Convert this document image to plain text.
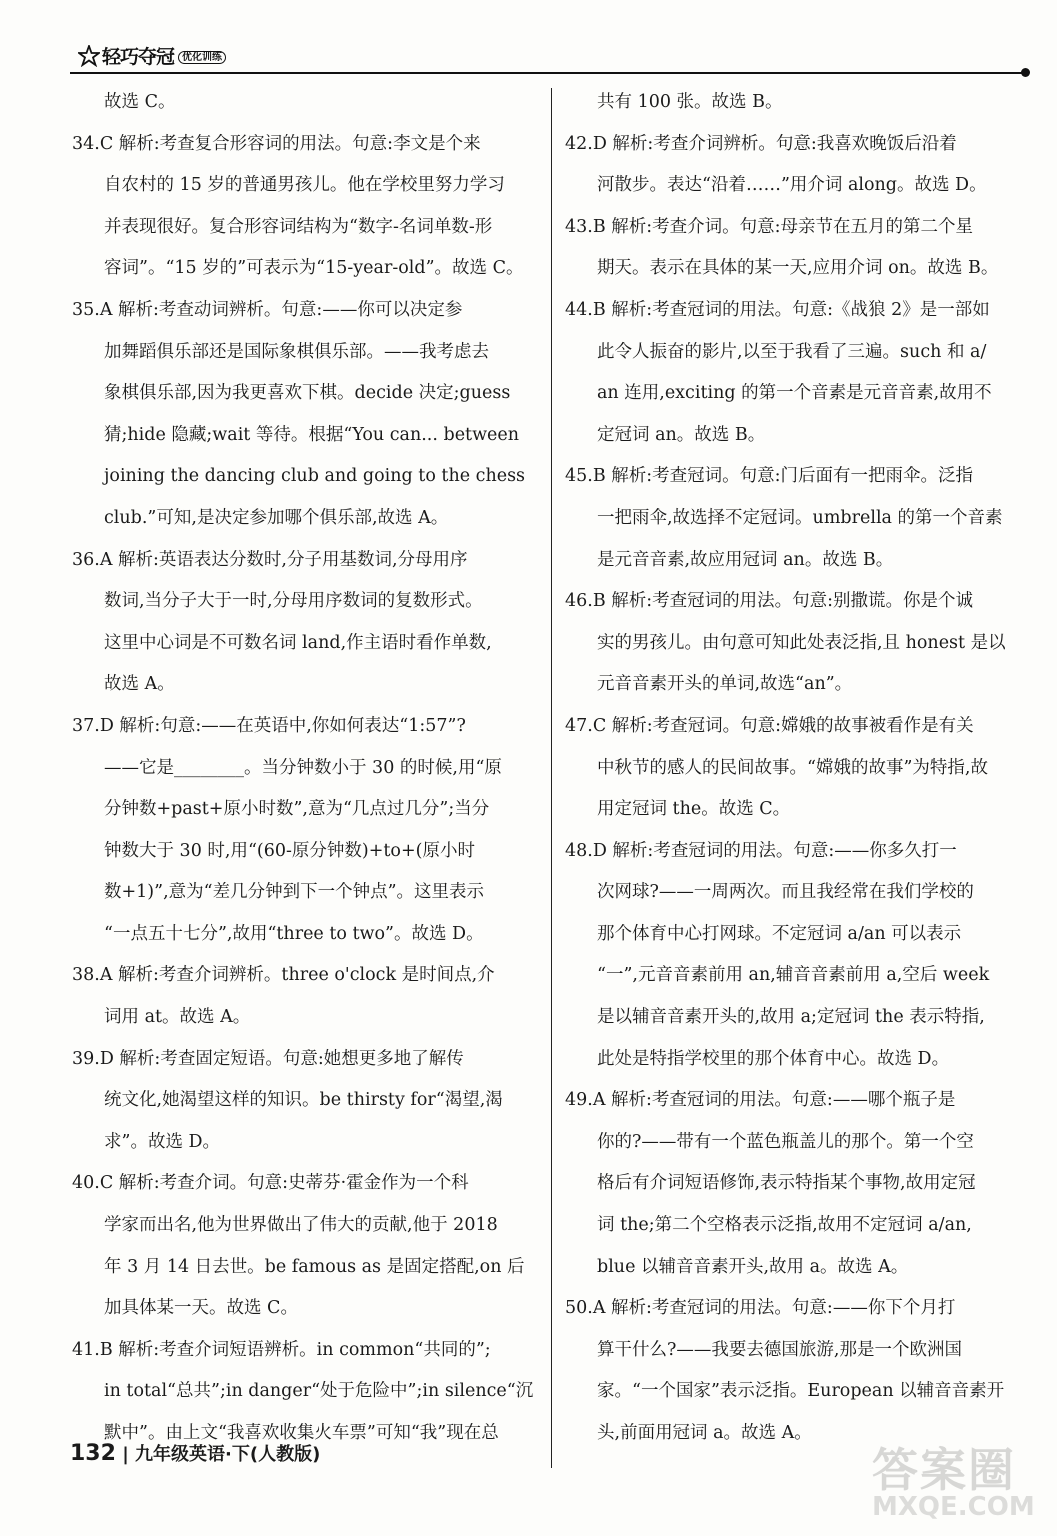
轻巧夺冠 优化训练
故选 C。
34.C 解析:考查复合形容词的用法。句意:李文是个来
自农村的 15 岁的普通男孩儿。他在学校里努力学习
并表现很好。复合形容词结构为“数字-名词单数-形
容词”。“15 岁的”可表示为“15-year-old”。故选 C。
35.A 解析:考查动词辨析。句意:——你可以决定参
加舞蹈俱乐部还是国际象棋俱乐部。——我考虑去
象棋俱乐部,因为我更喜欢下棋。decide 决定;guess
猜;hide 隐藏;wait 等待。根据“You can... between
joining the dancing club and going to the chess
club.”可知,是决定参加哪个俱乐部,故选 A。
36.A 解析:英语表达分数时,分子用基数词,分母用序
数词,当分子大于一时,分母用序数词的复数形式。
这里中心词是不可数名词 land,作主语时看作单数,
故选 A。
37.D 解析:句意:——在英语中,你如何表达“1:57”?
——它是________。当分钟数小于 30 的时候,用“原
分钟数+past+原小时数”,意为“几点过几分”;当分
钟数大于 30 时,用“(60-原分钟数)+to+(原小时
数+1)”,意为“差几分钟到下一个钟点”。这里表示
“一点五十七分”,故用“three to two”。故选 D。
38.A 解析:考查介词辨析。three o'clock 是时间点,介
词用 at。故选 A。
39.D 解析:考查固定短语。句意:她想更多地了解传
统文化,她渴望这样的知识。be thirsty for“渴望,渴
求”。故选 D。
40.C 解析:考查介词。句意:史蒂芬·霍金作为一个科
学家而出名,他为世界做出了伟大的贡献,他于 2018
年 3 月 14 日去世。be famous as 是固定搭配,on 后
加具体某一天。故选 C。
41.B 解析:考查介词短语辨析。in common“共同的”;
in total“总共”;in danger“处于危险中”;in silence“沉
默中”。由上文“我喜欢收集火车票”可知“我”现在总
共有 100 张。故选 B。
42.D 解析:考查介词辨析。句意:我喜欢晚饭后沿着
河散步。表达“沿着……”用介词 along。故选 D。
43.B 解析:考查介词。句意:母亲节在五月的第二个星
期天。表示在具体的某一天,应用介词 on。故选 B。
44.B 解析:考查冠词的用法。句意:《战狼 2》是一部如
此令人振奋的影片,以至于我看了三遍。such 和 a/
an 连用,exciting 的第一个音素是元音音素,故用不
定冠词 an。故选 B。
45.B 解析:考查冠词。句意:门后面有一把雨伞。泛指
一把雨伞,故选择不定冠词。umbrella 的第一个音素
是元音音素,故应用冠词 an。故选 B。
46.B 解析:考查冠词的用法。句意:别撒谎。你是个诚
实的男孩儿。由句意可知此处表泛指,且 honest 是以
元音音素开头的单词,故选“an”。
47.C 解析:考查冠词。句意:嫦娥的故事被看作是有关
中秋节的感人的民间故事。“嫦娥的故事”为特指,故
用定冠词 the。故选 C。
48.D 解析:考查冠词的用法。句意:——你多久打一
次网球?——一周两次。而且我经常在我们学校的
那个体育中心打网球。不定冠词 a/an 可以表示
“一”,元音音素前用 an,辅音音素前用 a,空后 week
是以辅音音素开头的,故用 a;定冠词 the 表示特指,
此处是特指学校里的那个体育中心。故选 D。
49.A 解析:考查冠词的用法。句意:——哪个瓶子是
你的?——带有一个蓝色瓶盖儿的那个。第一个空
格后有介词短语修饰,表示特指某个事物,故用定冠
词 the;第二个空格表示泛指,故用不定冠词 a/an,
blue 以辅音音素开头,故用 a。故选 A。
50.A 解析:考查冠词的用法。句意:——你下个月打
算干什么?——我要去德国旅游,那是一个欧洲国
家。“一个国家”表示泛指。European 以辅音音素开
头,前面用冠词 a。故选 A。
132 | 九年级英语·下(人教版)	答案圈
MXQE.COM
